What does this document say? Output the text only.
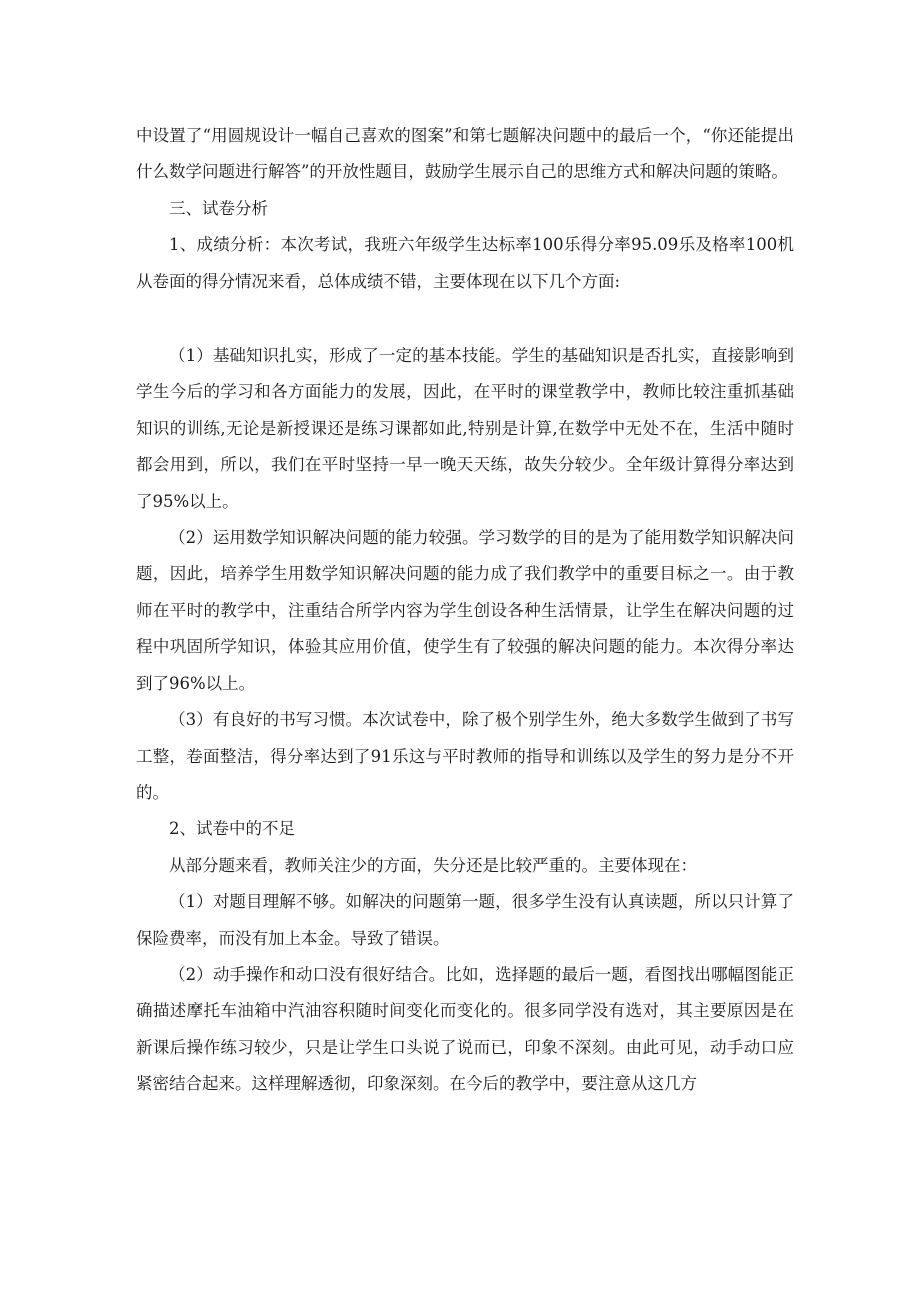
中设置了“用圆规设计一幅自己喜欢的图案”和第七题解决问题中的最后一个，“你还能提出什么数学问题进行解答”的开放性题目，鼓励学生展示自己的思维方式和解决问题的策略。

三、试卷分析

1、成绩分析：本次考试，我班六年级学生达标率100乐得分率95.09乐及格率100机从卷面的得分情况来看，总体成绩不错，主要体现在以下几个方面:

（1）基础知识扎实，形成了一定的基本技能。学生的基础知识是否扎实，直接影响到学生今后的学习和各方面能力的发展，因此，在平时的课堂教学中，教师比较注重抓基础知识的训练,无论是新授课还是练习课都如此,特别是计算,在数学中无处不在，生活中随时都会用到，所以，我们在平时坚持一早一晚天天练，故失分较少。全年级计算得分率达到了95%以上。

（2）运用数学知识解决问题的能力较强。学习数学的目的是为了能用数学知识解决问题，因此，培养学生用数学知识解决问题的能力成了我们教学中的重要目标之一。由于教师在平时的教学中，注重结合所学内容为学生创设各种生活情景，让学生在解决问题的过程中巩固所学知识，体验其应用价值，使学生有了较强的解决问题的能力。本次得分率达到了96%以上。

（3）有良好的书写习惯。本次试卷中，除了极个别学生外，绝大多数学生做到了书写工整，卷面整洁，得分率达到了91乐这与平时教师的指导和训练以及学生的努力是分不开的。

2、试卷中的不足

从部分题来看，教师关注少的方面，失分还是比较严重的。主要体现在：

（1）对题目理解不够。如解决的问题第一题，很多学生没有认真读题，所以只计算了保险费率，而没有加上本金。导致了错误。

（2）动手操作和动口没有很好结合。比如，选择题的最后一题，看图找出哪幅图能正确描述摩托车油箱中汽油容积随时间变化而变化的。很多同学没有选对，其主要原因是在新课后操作练习较少，只是让学生口头说了说而已，印象不深刻。由此可见，动手动口应紧密结合起来。这样理解透彻，印象深刻。在今后的教学中，要注意从这几方
